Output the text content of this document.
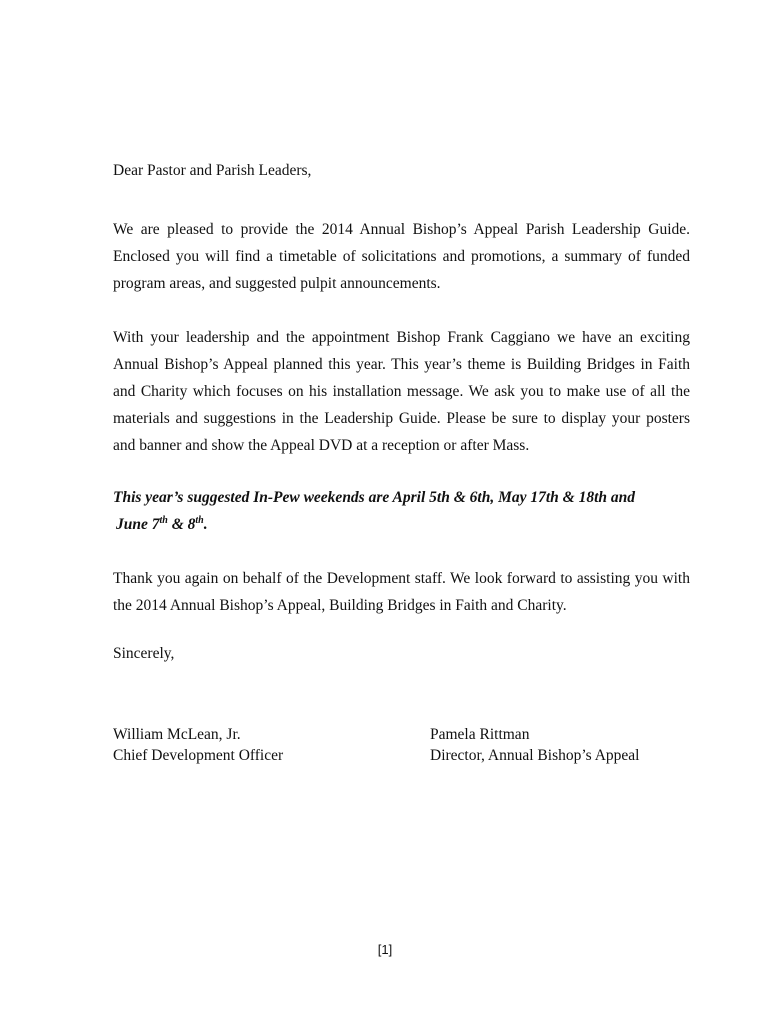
Dear Pastor and Parish Leaders,
We are pleased to provide the 2014 Annual Bishop’s Appeal Parish Leadership Guide. Enclosed you will find a timetable of solicitations and promotions, a summary of funded program areas, and suggested pulpit announcements.
With your leadership and the appointment Bishop Frank Caggiano we have an exciting Annual Bishop’s Appeal planned this year. This year’s theme is Building Bridges in Faith and Charity which focuses on his installation message. We ask you to make use of all the materials and suggestions in the Leadership Guide. Please be sure to display your posters and banner and show the Appeal DVD at a reception or after Mass.
This year’s suggested In-Pew weekends are April 5th & 6th, May 17th & 18th and
June 7th & 8th.
Thank you again on behalf of the Development staff. We look forward to assisting you with the 2014 Annual Bishop’s Appeal, Building Bridges in Faith and Charity.
Sincerely,
William McLean, Jr.
Chief Development Officer
Pamela Rittman
Director, Annual Bishop’s Appeal
[1]
